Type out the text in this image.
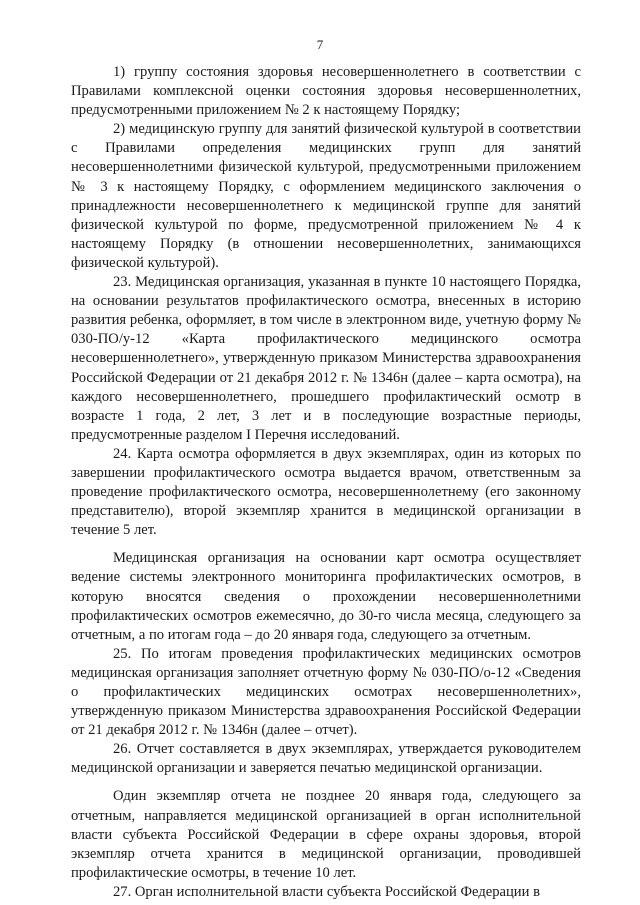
7

1) группу состояния здоровья несовершеннолетнего в соответствии с Правилами комплексной оценки состояния здоровья несовершеннолетних, предусмотренными приложением № 2 к настоящему Порядку;

2) медицинскую группу для занятий физической культурой в соответствии с Правилами определения медицинских групп для занятий несовершеннолетними физической культурой, предусмотренными приложением № 3 к настоящему Порядку, с оформлением медицинского заключения о принадлежности несовершеннолетнего к медицинской группе для занятий физической культурой по форме, предусмотренной приложением № 4 к настоящему Порядку (в отношении несовершеннолетних, занимающихся физической культурой).

23. Медицинская организация, указанная в пункте 10 настоящего Порядка, на основании результатов профилактического осмотра, внесенных в историю развития ребенка, оформляет, в том числе в электронном виде, учетную форму № 030-ПО/у-12 «Карта профилактического медицинского осмотра несовершеннолетнего», утвержденную приказом Министерства здравоохранения Российской Федерации от 21 декабря 2012 г. № 1346н (далее – карта осмотра), на каждого несовершеннолетнего, прошедшего профилактический осмотр в возрасте 1 года, 2 лет, 3 лет и в последующие возрастные периоды, предусмотренные разделом I Перечня исследований.

24. Карта осмотра оформляется в двух экземплярах, один из которых по завершении профилактического осмотра выдается врачом, ответственным за проведение профилактического осмотра, несовершеннолетнему (его законному представителю), второй экземпляр хранится в медицинской организации в течение 5 лет.

Медицинская организация на основании карт осмотра осуществляет ведение системы электронного мониторинга профилактических осмотров, в которую вносятся сведения о прохождении несовершеннолетними профилактических осмотров ежемесячно, до 30-го числа месяца, следующего за отчетным, а по итогам года – до 20 января года, следующего за отчетным.

25. По итогам проведения профилактических медицинских осмотров медицинская организация заполняет отчетную форму № 030-ПО/о-12 «Сведения о профилактических медицинских осмотрах несовершеннолетних», утвержденную приказом Министерства здравоохранения Российской Федерации от 21 декабря 2012 г. № 1346н (далее – отчет).

26. Отчет составляется в двух экземплярах, утверждается руководителем медицинской организации и заверяется печатью медицинской организации.

Один экземпляр отчета не позднее 20 января года, следующего за отчетным, направляется медицинской организацией в орган исполнительной власти субъекта Российской Федерации в сфере охраны здоровья, второй экземпляр отчета хранится в медицинской организации, проводившей профилактические осмотры, в течение 10 лет.

27. Орган исполнительной власти субъекта Российской Федерации в
